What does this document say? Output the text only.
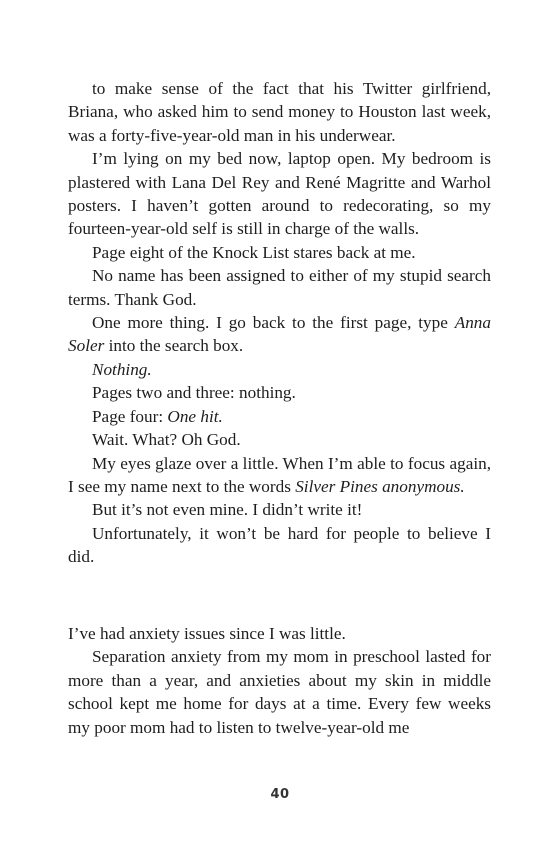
to make sense of the fact that his Twitter girlfriend, Briana, who asked him to send money to Houston last week, was a forty-five-year-old man in his underwear.

I’m lying on my bed now, laptop open. My bedroom is plastered with Lana Del Rey and René Magritte and Warhol posters. I haven’t gotten around to redecorating, so my fourteen-year-old self is still in charge of the walls.

Page eight of the Knock List stares back at me.

No name has been assigned to either of my stupid search terms. Thank God.

One more thing. I go back to the first page, type Anna Soler into the search box.

Nothing.

Pages two and three: nothing.

Page four: One hit.

Wait. What? Oh God.

My eyes glaze over a little. When I’m able to focus again, I see my name next to the words Silver Pines anonymous.

But it’s not even mine. I didn’t write it!

Unfortunately, it won’t be hard for people to believe I did.

I’ve had anxiety issues since I was little.

Separation anxiety from my mom in preschool lasted for more than a year, and anxieties about my skin in middle school kept me home for days at a time. Every few weeks my poor mom had to listen to twelve-year-old me

40
